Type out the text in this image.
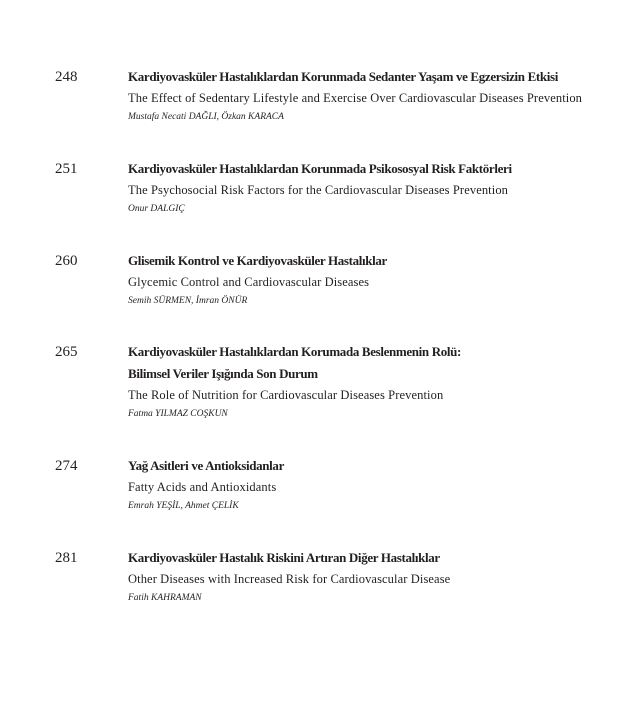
248	Kardiyovasküler Hastalıklardan Korunmada Sedanter Yaşam ve Egzersizin Etkisi
The Effect of Sedentary Lifestyle and Exercise Over Cardiovascular Diseases Prevention
Mustafa Necati DAĞLI, Özkan KARACA
251	Kardiyovasküler Hastalıklardan Korunmada Psikososyal Risk Faktörleri
The Psychosocial Risk Factors for the Cardiovascular Diseases Prevention
Onur DALGIÇ
260	Glisemik Kontrol ve Kardiyovasküler Hastalıklar
Glycemic Control and Cardiovascular Diseases
Semih SÜRMEN, İmran ÖNÜR
265	Kardiyovasküler Hastalıklardan Korumada Beslenmenin Rolü:
Bilimsel Veriler Işığında Son Durum
The Role of Nutrition for Cardiovascular Diseases Prevention
Fatma YILMAZ COŞKUN
274	Yağ Asitleri ve Antioksidanlar
Fatty Acids and Antioxidants
Emrah YEŞİL, Ahmet ÇELİK
281	Kardiyovasküler Hastalık Riskini Artıran Diğer Hastalıklar
Other Diseases with Increased Risk for Cardiovascular Disease
Fatih KAHRAMAN
